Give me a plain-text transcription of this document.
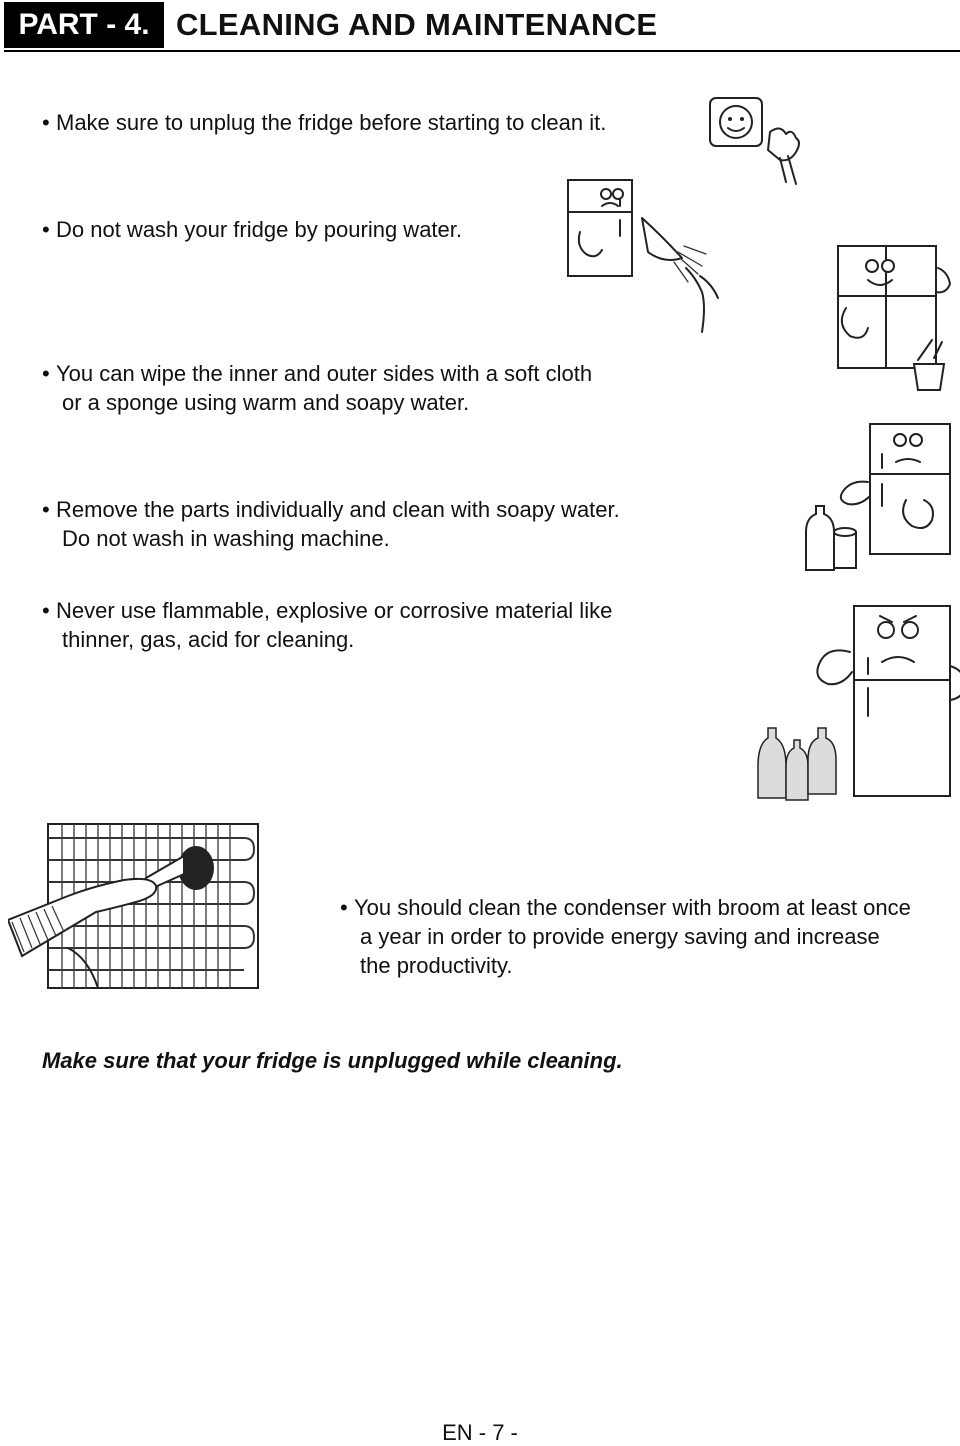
PART - 4. CLEANING AND MAINTENANCE

• Make sure to unplug the fridge before starting to clean it.

• Do not wash your fridge by pouring water.

• You can wipe the inner and outer sides with a soft cloth
or a sponge using warm and soapy water.

• Remove the parts individually and clean with soapy water.
Do not wash in washing machine.

• Never use flammable, explosive or corrosive material like
thinner, gas, acid for cleaning.

• You should clean the condenser with broom at least once
a year in order to provide energy saving and increase
the productivity.

Make sure that your fridge is unplugged while cleaning.
EN - 7 -
